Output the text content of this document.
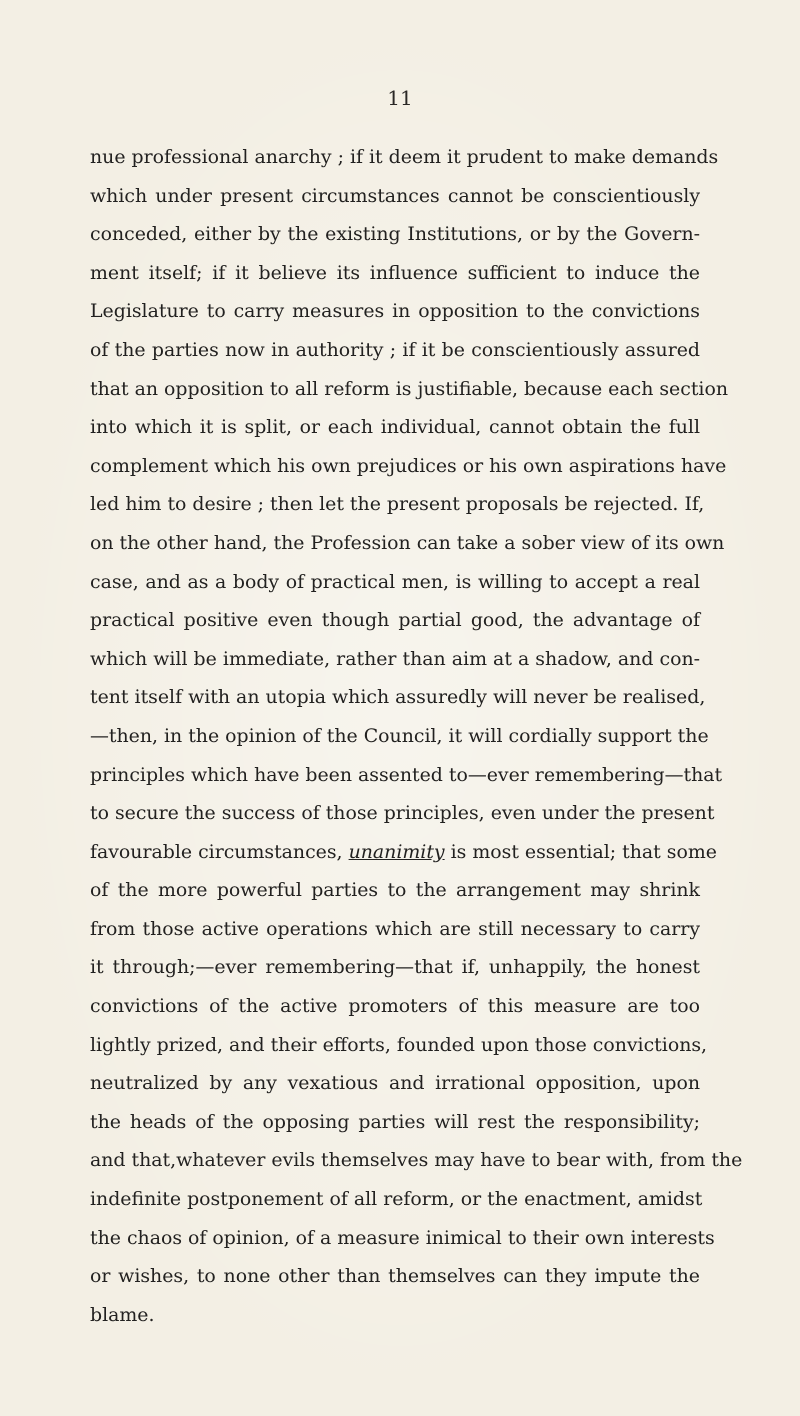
11
nue professional anarchy ; if it deem it prudent to make demands
which under present circumstances cannot be conscientiously
conceded, either by the existing Institutions, or by the Govern-
ment itself; if it believe its influence sufficient to induce the
Legislature to carry measures in opposition to the convictions
of the parties now in authority ; if it be conscientiously assured
that an opposition to all reform is justifiable, because each section
into which it is split, or each individual, cannot obtain the full
complement which his own prejudices or his own aspirations have
led him to desire ; then let the present proposals be rejected. If,
on the other hand, the Profession can take a sober view of its own
case, and as a body of practical men, is willing to accept a real
practical positive even though partial good, the advantage of
which will be immediate, rather than aim at a shadow, and con-
tent itself with an utopia which assuredly will never be realised,
—then, in the opinion of the Council, it will cordially support the
principles which have been assented to—ever remembering—that
to secure the success of those principles, even under the present
favourable circumstances, unanimity is most essential; that some
of the more powerful parties to the arrangement may shrink
from those active operations which are still necessary to carry
it through;—ever remembering—that if, unhappily, the honest
convictions of the active promoters of this measure are too
lightly prized, and their efforts, founded upon those convictions,
neutralized by any vexatious and irrational opposition, upon
the heads of the opposing parties will rest the responsibility;
and that,whatever evils themselves may have to bear with, from the
indefinite postponement of all reform, or the enactment, amidst
the chaos of opinion, of a measure inimical to their own interests
or wishes, to none other than themselves can they impute the
blame.
